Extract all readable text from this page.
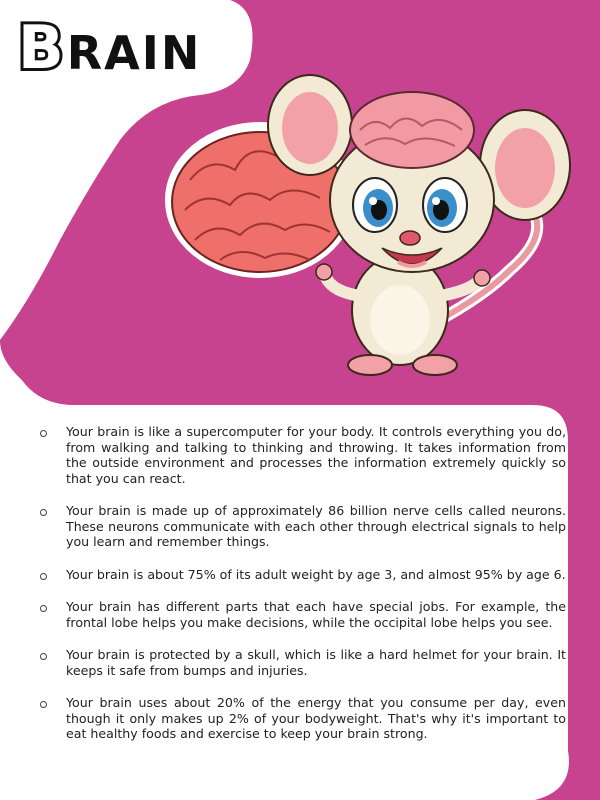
B RAIN
Your brain is like a supercomputer for your body. It controls everything you do, from walking and talking to thinking and throwing. It takes information from the outside environment and processes the information extremely quickly so that you can react.
Your brain is made up of approximately 86 billion nerve cells called neurons. These neurons communicate with each other through electrical signals to help you learn and remember things.
Your brain is about 75% of its adult weight by age 3, and almost 95% by age 6.
Your brain has different parts that each have special jobs. For example, the frontal lobe helps you make decisions, while the occipital lobe helps you see.
Your brain is protected by a skull, which is like a hard helmet for your brain. It keeps it safe from bumps and injuries.
Your brain uses about 20% of the energy that you consume per day, even though it only makes up 2% of your bodyweight. That's why it's important to eat healthy foods and exercise to keep your brain strong.
